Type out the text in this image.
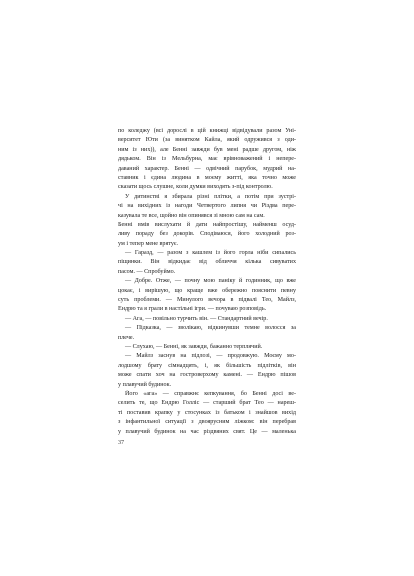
по коледжу (всі дорослі в цій книжці відвідували разом Уні-
верситет Юти (за винятком Кайла, який одружився з оди-
ним із них)), але Бенні завжди був мені радше другом, ніж
дядьком. Він із Мельбурна, має врівноважений і непере-
даваний характер. Бенні — одвічний парубок, мудрий на-
ставник і єдина людина в моєму житті, яка точно може
сказати щось слушне, коли думки виходять з-під контролю.
У дитинстві я збирала різні плітки, а потім при зустрі-
чі на вихідних із нагоди Четвертого липня чи Різдва пере-
казувала те все, щойно він опинявся зі мною сам на сам.
Бенні вмів вислухати й дати найпростішу, найменш осуд-
ливу пораду без докорів. Сподіваюся, його холодний роз-
ум і тепер мене врятує.
— Гаразд, — разом з кашлем із його горла ніби сипались
піщинки. Він відкидає від обличчя кілька сивуватих
пасом. — Спробуймо.
— Добре. Отже, — почну мою паніку й годинник, що вже
цокає, і вирішую, що краще вже обережно пояснити певну
суть проблеми. — Минулого вечора в підвалі Тео, Майлз,
Ендрю та я грали в настільні ігри. — почуваю розповідь.
— Ага, — повільно турчить він. — Стандартний вечір.
— Підказка, — зволікаю, відкинувши темне волосся за
плече.
— Слухаю, — Бенні, як завжди, бажанно терплячий.
— Майлз заснув на підлозі, — продовжую. Моєму мо-
лодшому брату сімнадцять, і, як більшість підлітків, він
може спати хоч на гостроверхому камені. — Ендрю пішов
у плавучий будинок.
Його «ага» — справжнє кепкування, бо Бенні досі ве-
селить те, що Ендрю Голліс — старший брат Тео — нареш-
ті поставив крапку у стосунках із батьком і знайшов вихід
з інфантильної ситуації з двоярусним ліжком: він перебрав
у плавучий будинок на час різдвяних свят. Це — маленька
37
